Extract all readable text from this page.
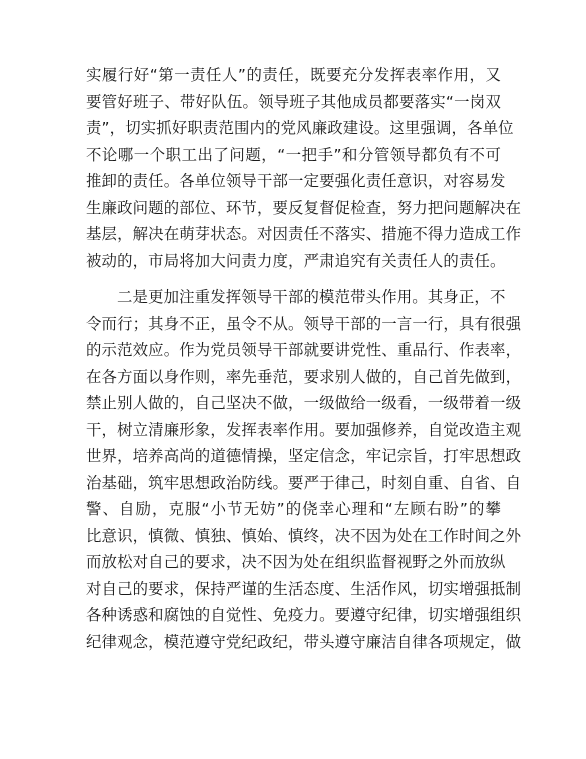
实履行好“第一责任人”的责任，既要充分发挥表率作用，又
要管好班子、带好队伍。领导班子其他成员都要落实“一岗双
责”，切实抓好职责范围内的党风廉政建设。这里强调，各单位
不论哪一个职工出了问题，“一把手”和分管领导都负有不可
推卸的责任。各单位领导干部一定要强化责任意识，对容易发
生廉政问题的部位、环节，要反复督促检查，努力把问题解决在
基层，解决在萌芽状态。对因责任不落实、措施不得力造成工作
被动的，市局将加大问责力度，严肃追究有关责任人的责任。
二是更加注重发挥领导干部的模范带头作用。其身正，不
令而行；其身不正，虽令不从。领导干部的一言一行，具有很强
的示范效应。作为党员领导干部就要讲党性、重品行、作表率，
在各方面以身作则，率先垂范，要求别人做的，自己首先做到，
禁止别人做的，自己坚决不做，一级做给一级看，一级带着一级
干，树立清廉形象，发挥表率作用。要加强修养，自觉改造主观
世界，培养高尚的道德情操，坚定信念，牢记宗旨，打牢思想政
治基础，筑牢思想政治防线。要严于律己，时刻自重、自省、自
警、自励，克服“小节无妨”的侥幸心理和“左顾右盼”的攀
比意识，慎微、慎独、慎始、慎终，决不因为处在工作时间之外
而放松对自己的要求，决不因为处在组织监督视野之外而放纵
对自己的要求，保持严谨的生活态度、生活作风，切实增强抵制
各种诱惑和腐蚀的自觉性、免疫力。要遵守纪律，切实增强组织
纪律观念，模范遵守党纪政纪，带头遵守廉洁自律各项规定，做
